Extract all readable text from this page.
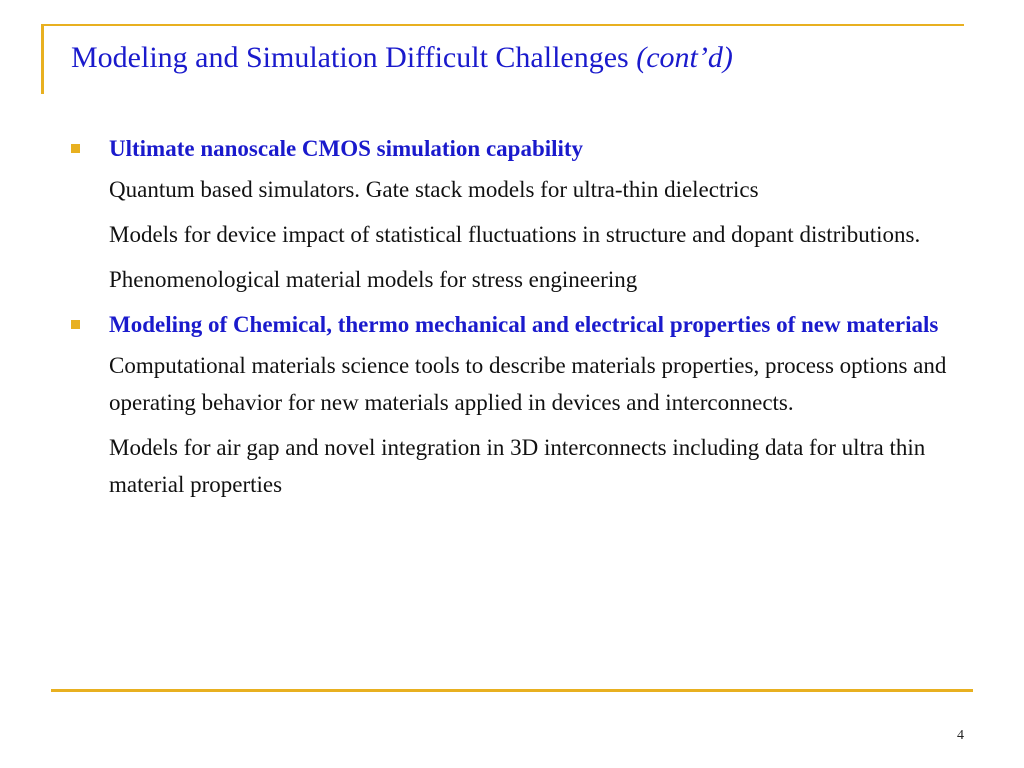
Modeling and Simulation Difficult Challenges (cont’d)
Ultimate nanoscale CMOS simulation capability
Quantum based simulators. Gate stack models for ultra-thin dielectrics
Models for device impact of statistical fluctuations in structure and dopant distributions.
Phenomenological material models for stress engineering
Modeling of Chemical, thermo mechanical and electrical properties of new materials
Computational materials science tools to describe materials properties, process options and operating behavior for new materials applied in devices and interconnects.
Models for air gap and novel integration in 3D interconnects including data for ultra thin material properties
4
